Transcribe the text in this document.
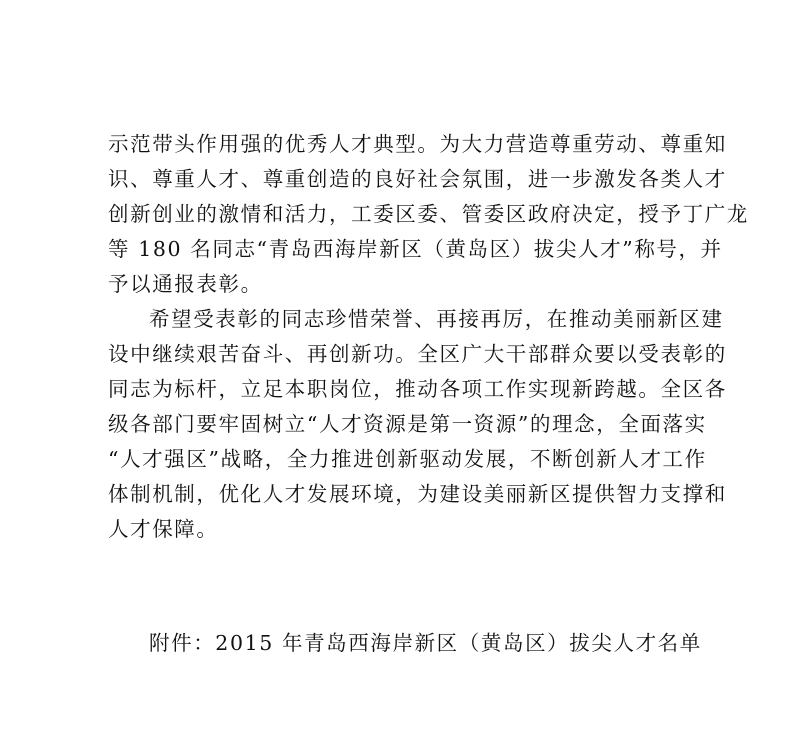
示范带头作用强的优秀人才典型。为大力营造尊重劳动、尊重知
识、尊重人才、尊重创造的良好社会氛围，进一步激发各类人才
创新创业的激情和活力，工委区委、管委区政府决定，授予丁广龙
等 180 名同志“青岛西海岸新区（黄岛区）拔尖人才”称号，并
予以通报表彰。
希望受表彰的同志珍惜荣誉、再接再厉，在推动美丽新区建
设中继续艰苦奋斗、再创新功。全区广大干部群众要以受表彰的
同志为标杆，立足本职岗位，推动各项工作实现新跨越。全区各
级各部门要牢固树立“人才资源是第一资源”的理念，全面落实
“人才强区”战略，全力推进创新驱动发展，不断创新人才工作
体制机制，优化人才发展环境，为建设美丽新区提供智力支撑和
人才保障。
附件：2015 年青岛西海岸新区（黄岛区）拔尖人才名单
